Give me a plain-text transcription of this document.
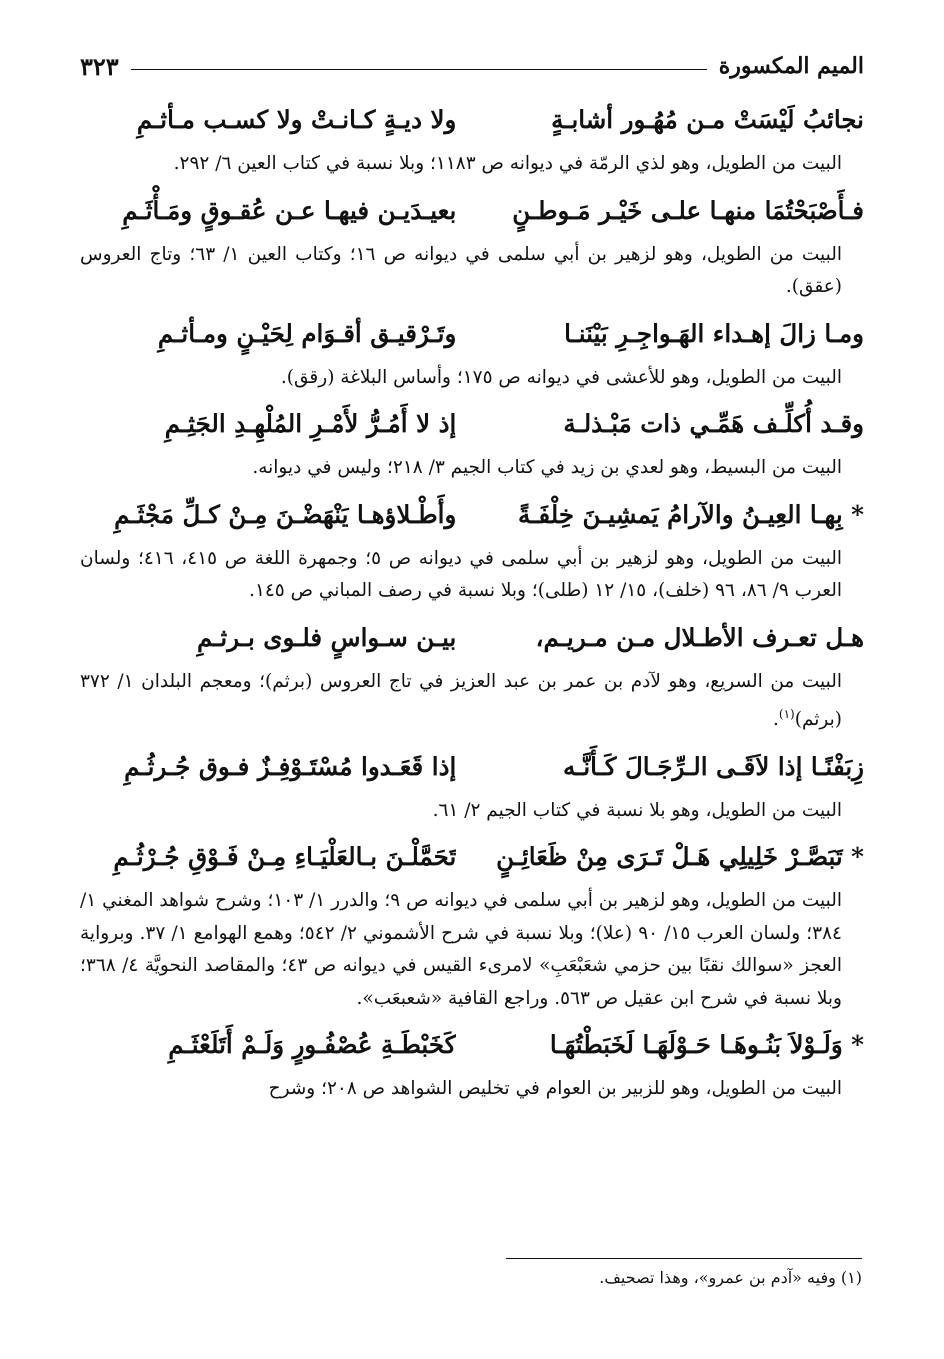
الميم المكسورة
٣٢٣
نجائبُ لَيْسَتْ مـن مُهُـور أشابـةٍ
ولا ديـةٍ كـانـتْ ولا كسـب مـأثـمِ
البيت من الطويل، وهو لذي الرمّة في ديوانه ص ١١٨٣؛ وبلا نسبة في كتاب العين ٦/ ٢٩٢.
فـأَصْبَحْتُمَا منهـا علـى خَيْـر مَـوطـنٍ
بعيـدَيـن فيهـا عـن عُقـوقٍ ومَـأْثَـمِ
البيت من الطويل، وهو لزهير بن أبي سلمى في ديوانه ص ١٦؛ وكتاب العين ١/ ٦٣؛ وتاج العروس (عقق).
ومـا زالَ إهـداء الهَـواجِـرِ بَيْنَنـا
وتَـرْقيـق أقـوَام لِحَيْـنٍ ومـأثـمِ
البيت من الطويل، وهو للأعشى في ديوانه ص ١٧٥؛ وأساس البلاغة (رقق).
وقـد أُكلِّـف هَمِّـي ذات مَبْـذلـة
إذ لا أَمُـرُّ لأَمْـرِ المُلْهِـدِ الجَثِـمِ
البيت من البسيط، وهو لعدي بن زيد في كتاب الجيم ٣/ ٢١٨؛ وليس في ديوانه.
* بِهـا العِيـنُ والآرامُ يَمشِيـنَ خِلْفَـةً
وأَطْـلاؤهـا يَنْهَضْـنَ مِـنْ كـلِّ مَجْثَـمِ
البيت من الطويل، وهو لزهير بن أبي سلمى في ديوانه ص ٥؛ وجمهرة اللغة ص ٤١٥، ٤١٦؛ ولسان العرب ٩/ ٨٦، ٩٦ (خلف)، ١٥/ ١٢ (طلى)؛ وبلا نسبة في رصف المباني ص ١٤٥.
هـل تعـرف الأطـلال مـن مـريـم،
بيـن سـواسٍ فلـوى بـرثـمِ
البيت من السريع، وهو لآدم بن عمر بن عبد العزيز في تاج العروس (برثم)؛ ومعجم البلدان ١/ ٣٧٢ (برثم)$^{(١)}$.
زِبَفْنًـا إذا لاَقَـى الـرِّجَـالَ كَـأَنَّـه
إذا قَعَـدوا مُسْتَـوْفِـزٌ فـوق جُـرثُـمِ
البيت من الطويل، وهو بلا نسبة في كتاب الجيم ٢/ ٦١.
* تَبَصَّـرْ خَلِيلِي هَـلْ تَـرَى مِنْ ظَعَائِـنٍ
تَحَمَّلْـنَ بـالعَلْيَـاءِ مِـنْ فَـوْقِ جُـرْثُـمِ
البيت من الطويل، وهو لزهير بن أبي سلمى في ديوانه ص ٩؛ والدرر ١/ ١٠٣؛ وشرح شواهد المغني ١/ ٣٨٤؛ ولسان العرب ١٥/ ٩٠ (علا)؛ وبلا نسبة في شرح الأشموني ٢/ ٥٤٢؛ وهمع الهوامع ١/ ٣٧. وبرواية العجز «سوالك نقبًا بين حزمي شعَبْعَبِ» لامرىء القيس في ديوانه ص ٤٣؛ والمقاصد النحويَّة ٤/ ٣٦٨؛ وبلا نسبة في شرح ابن عقيل ص ٥٦٣. وراجع القافية «شعبعَب».
* وَلَـوْلاَ بَنُـوهَـا حَـوْلَهَـا لَخَبَطْتُهَـا
كَخَبْطَـةِ عُصْفُـورٍ وَلَـمْ أَتَلَعْثَـمِ
البيت من الطويل، وهو للزبير بن العوام في تخليص الشواهد ص ٢٠٨؛ وشرح
(١) وفيه «آدم بن عمرو»، وهذا تصحيف.
